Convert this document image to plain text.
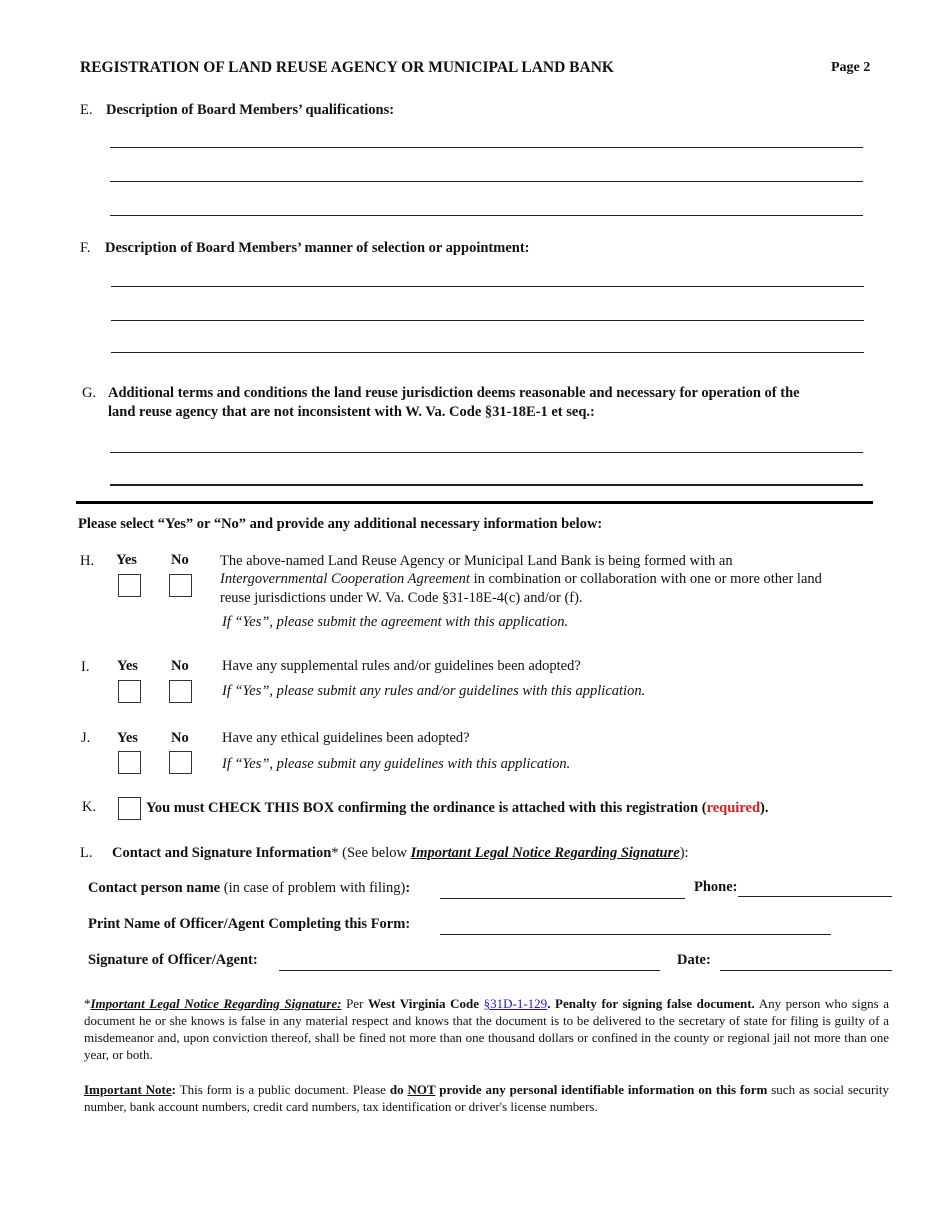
REGISTRATION OF LAND REUSE AGENCY OR MUNICIPAL LAND BANK	Page 2
E. Description of Board Members’ qualifications:
F. Description of Board Members’ manner of selection or appointment:
G. Additional terms and conditions the land reuse jurisdiction deems reasonable and necessary for operation of the
land reuse agency that are not inconsistent with W. Va. Code §31-18E-1 et seq.:
Please select “Yes” or “No” and provide any additional necessary information below:
H. Yes No The above-named Land Reuse Agency or Municipal Land Bank is being formed with an
Intergovernmental Cooperation Agreement in combination or collaboration with one or more other land
reuse jurisdictions under W. Va. Code §31-18E-4(c) and/or (f).
If “Yes”, please submit the agreement with this application.
I. Yes No Have any supplemental rules and/or guidelines been adopted?
If “Yes”, please submit any rules and/or guidelines with this application.
J. Yes No Have any ethical guidelines been adopted?
If “Yes”, please submit any guidelines with this application.
K.	You must CHECK THIS BOX confirming the ordinance is attached with this registration (required).
L. Contact and Signature Information* (See below Important Legal Notice Regarding Signature):
Contact person name (in case of problem with filing):	Phone:
Print Name of Officer/Agent Completing this Form:
Signature of Officer/Agent:	Date:
*Important Legal Notice Regarding Signature: Per West Virginia Code §31D-1-129. Penalty for signing false document. Any person who signs a document he or she knows is false in any material respect and knows that the document is to be delivered to the secretary of state for filing is guilty of a misdemeanor and, upon conviction thereof, shall be fined not more than one thousand dollars or confined in the county or regional jail not more than one year, or both.
Important Note: This form is a public document. Please do NOT provide any personal identifiable information on this form such as social security number, bank account numbers, credit card numbers, tax identification or driver's license numbers.
